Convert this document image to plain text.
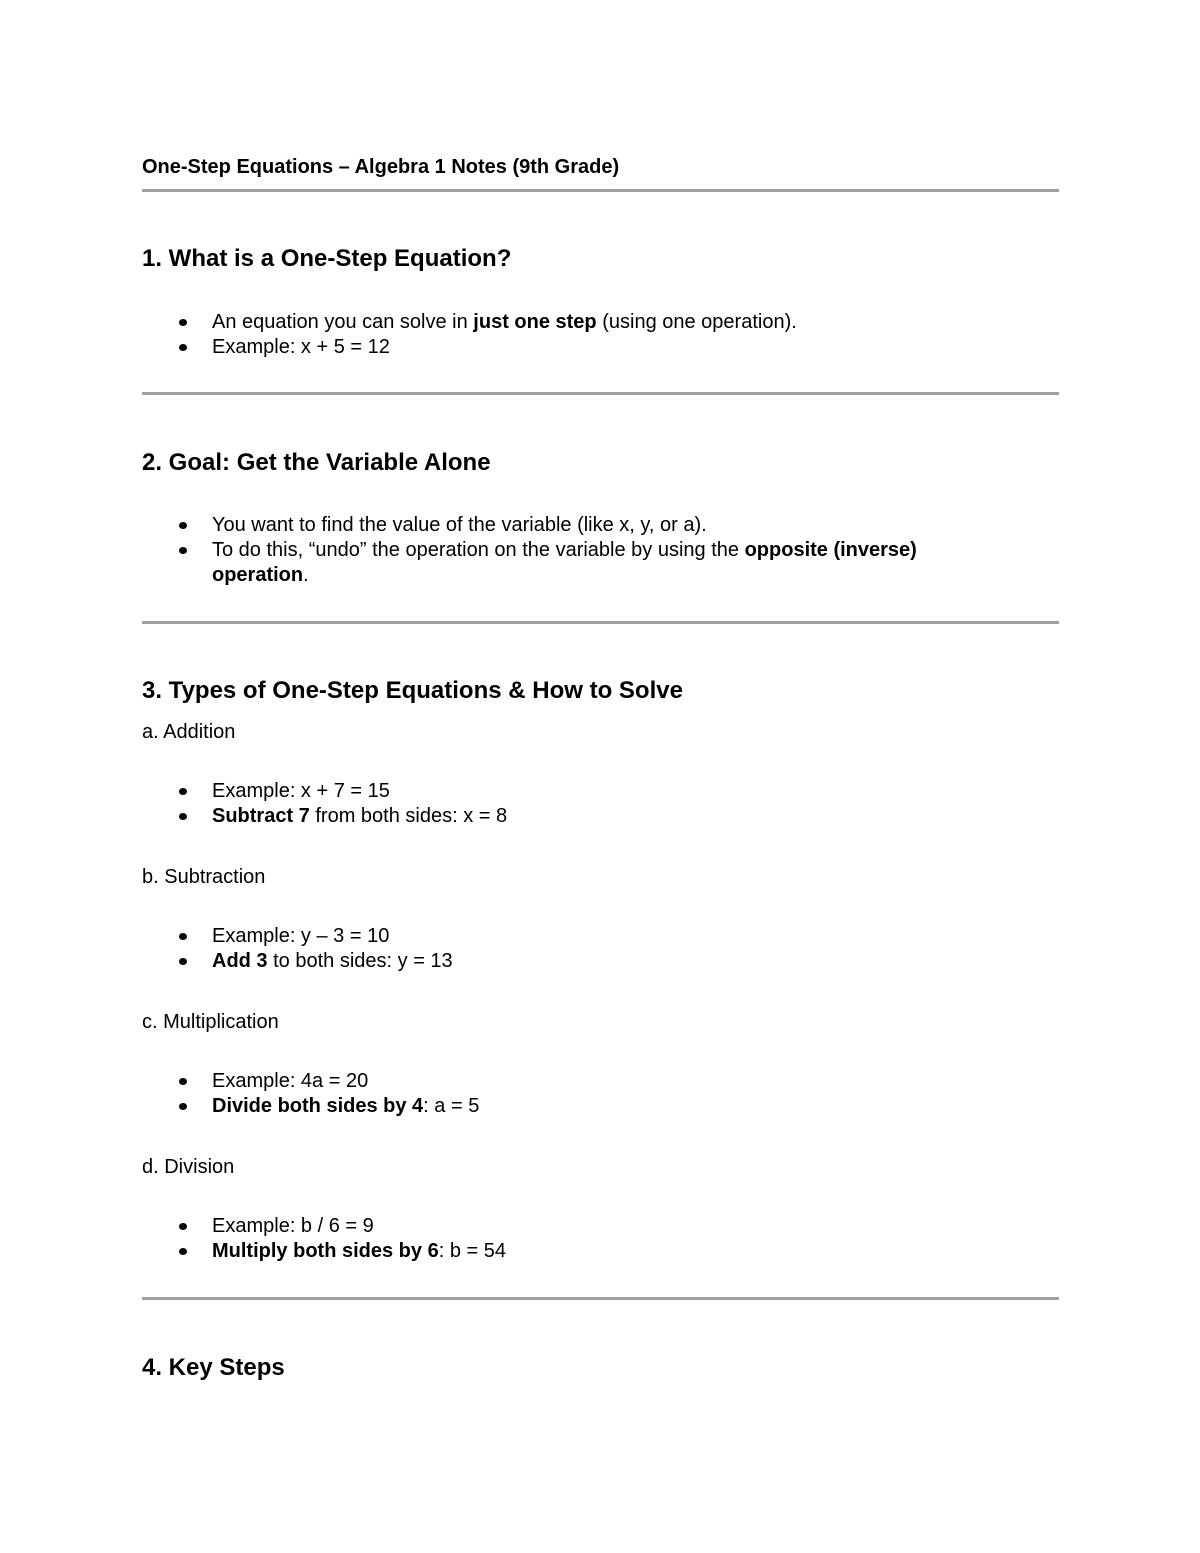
One-Step Equations – Algebra 1 Notes (9th Grade)
1. What is a One-Step Equation?
An equation you can solve in just one step (using one operation).
Example: x + 5 = 12
2. Goal: Get the Variable Alone
You want to find the value of the variable (like x, y, or a).
To do this, “undo” the operation on the variable by using the opposite (inverse) operation.
3. Types of One-Step Equations & How to Solve
a. Addition
Example: x + 7 = 15
Subtract 7 from both sides: x = 8
b. Subtraction
Example: y – 3 = 10
Add 3 to both sides: y = 13
c. Multiplication
Example: 4a = 20
Divide both sides by 4: a = 5
d. Division
Example: b / 6 = 9
Multiply both sides by 6: b = 54
4. Key Steps
